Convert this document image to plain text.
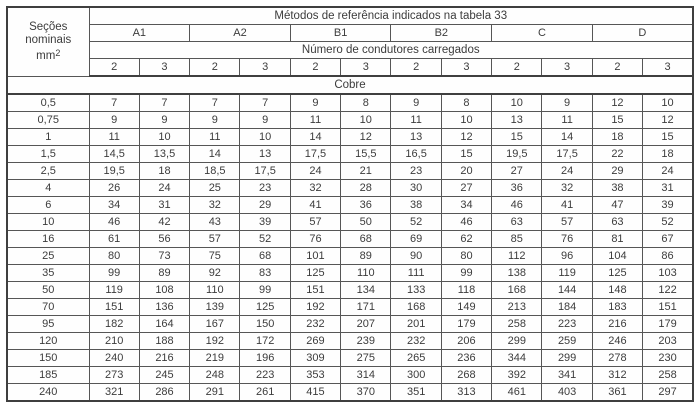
Seções
nominais
$mm^2$	Métodos de referência indicados na tabela 33											
	A1		A2		B1		B2		C		D	
	Número de condutores carregados											
	2	3	2	3	2	3	2	3	2	3	2	3
Cobre												
0,5	7	7	7	7	9	8	9	8	10	9	12	10
0,75	9	9	9	9	11	10	11	10	13	11	15	12
1	11	10	11	10	14	12	13	12	15	14	18	15
1,5	14,5	13,5	14	13	17,5	15,5	16,5	15	19,5	17,5	22	18
2,5	19,5	18	18,5	17,5	24	21	23	20	27	24	29	24
4	26	24	25	23	32	28	30	27	36	32	38	31
6	34	31	32	29	41	36	38	34	46	41	47	39
10	46	42	43	39	57	50	52	46	63	57	63	52
16	61	56	57	52	76	68	69	62	85	76	81	67
25	80	73	75	68	101	89	90	80	112	96	104	86
35	99	89	92	83	125	110	111	99	138	119	125	103
50	119	108	110	99	151	134	133	118	168	144	148	122
70	151	136	139	125	192	171	168	149	213	184	183	151
95	182	164	167	150	232	207	201	179	258	223	216	179
120	210	188	192	172	269	239	232	206	299	259	246	203
150	240	216	219	196	309	275	265	236	344	299	278	230
185	273	245	248	223	353	314	300	268	392	341	312	258
240	321	286	291	261	415	370	351	313	461	403	361	297
